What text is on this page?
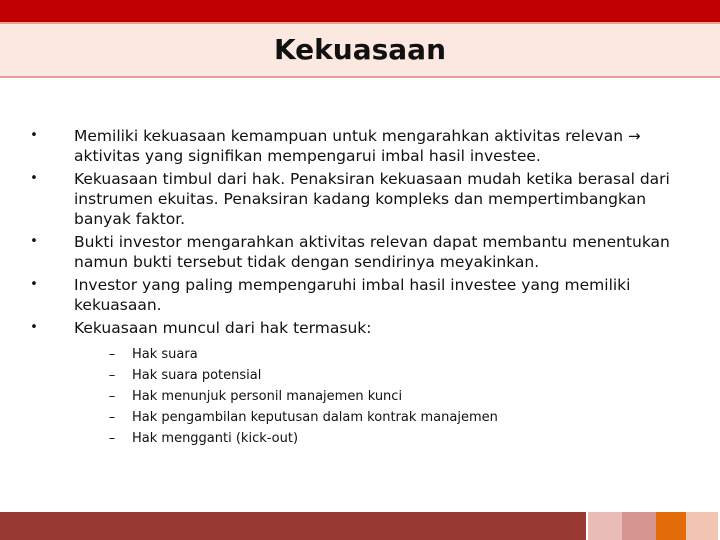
Kekuasaan
• Memiliki kekuasaan kemampuan untuk mengarahkan aktivitas relevan → aktivitas yang signifikan mempengarui imbal hasil investee.
• Kekuasaan timbul dari hak. Penaksiran kekuasaan mudah ketika berasal dari instrumen ekuitas. Penaksiran kadang kompleks dan mempertimbangkan banyak faktor.
• Bukti investor mengarahkan aktivitas relevan dapat membantu menentukan namun bukti tersebut tidak dengan sendirinya meyakinkan.
• Investor yang paling mempengaruhi imbal hasil investee yang memiliki kekuasaan.
• Kekuasaan muncul dari hak termasuk:
–	Hak suara
–	Hak suara potensial
–	Hak menunjuk personil manajemen kunci
–	Hak pengambilan keputusan dalam kontrak manajemen
–	Hak mengganti (kick-out)
